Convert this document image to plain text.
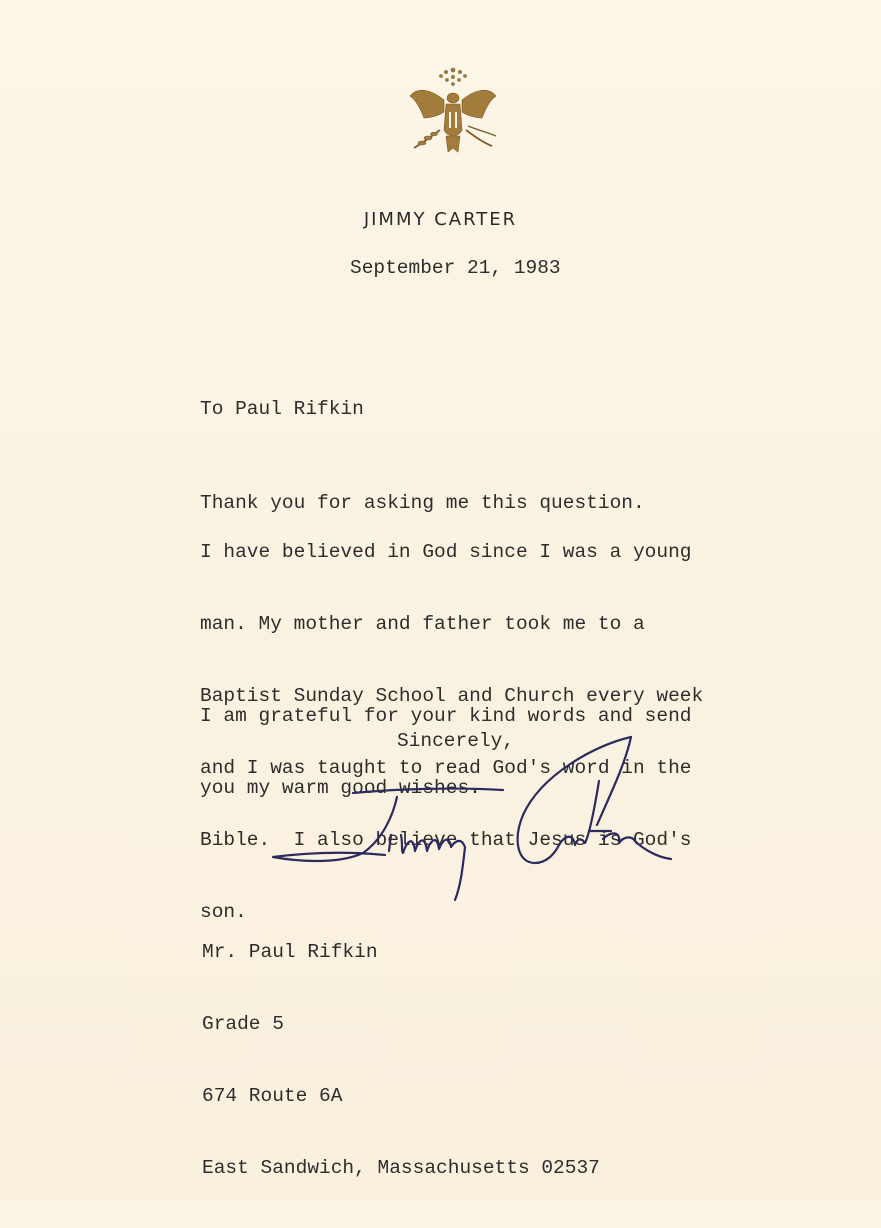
JIMMY CARTER
September 21, 1983
To Paul Rifkin

Thank you for asking me this question.

I have believed in God since I was a young

man. My mother and father took me to a

Baptist Sunday School and Church every week

and I was taught to read God's word in the

Bible.  I also believe that Jesus is God's

son.

I am grateful for your kind words and send

you my warm good wishes.

Sincerely,

Mr. Paul Rifkin

Grade 5

674 Route 6A

East Sandwich, Massachusetts 02537
